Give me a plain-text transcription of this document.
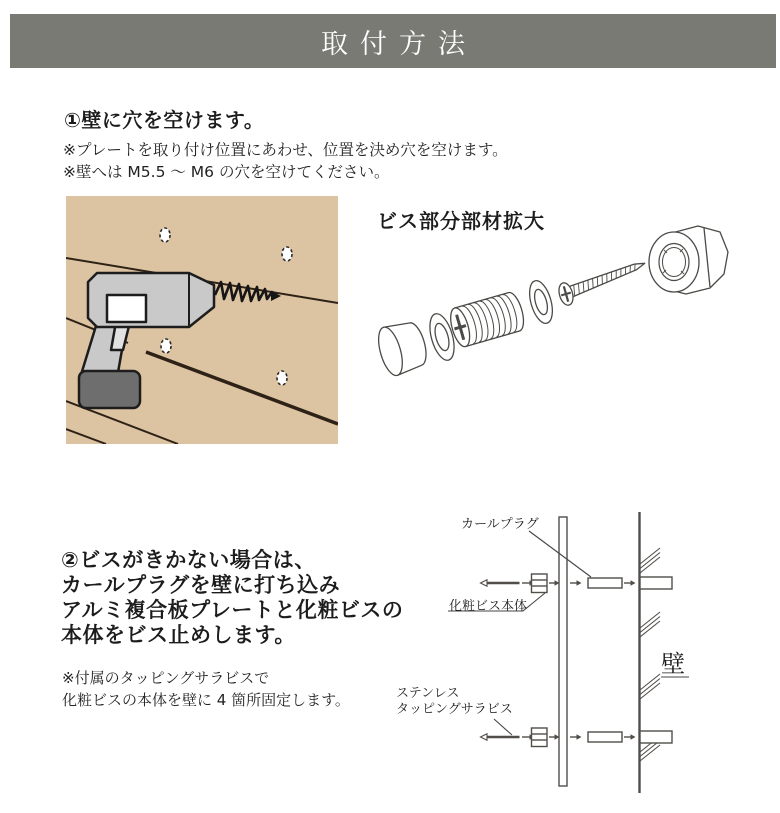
取付方法
①壁に穴を空けます。
※プレートを取り付け位置にあわせ、位置を決め穴を空けます。
※壁へは M5.5 ～ M6 の穴を空けてください。
ビス部分部材拡大
②ビスがきかない場合は、
カールプラグを壁に打ち込み
アルミ複合板プレートと化粧ビスの
本体をビス止めします。
※付属のタッピングサラビスで
化粧ビスの本体を壁に 4 箇所固定します。
カールプラグ
化粧ビス本体
ステンレス
タッピングサラビス
壁
